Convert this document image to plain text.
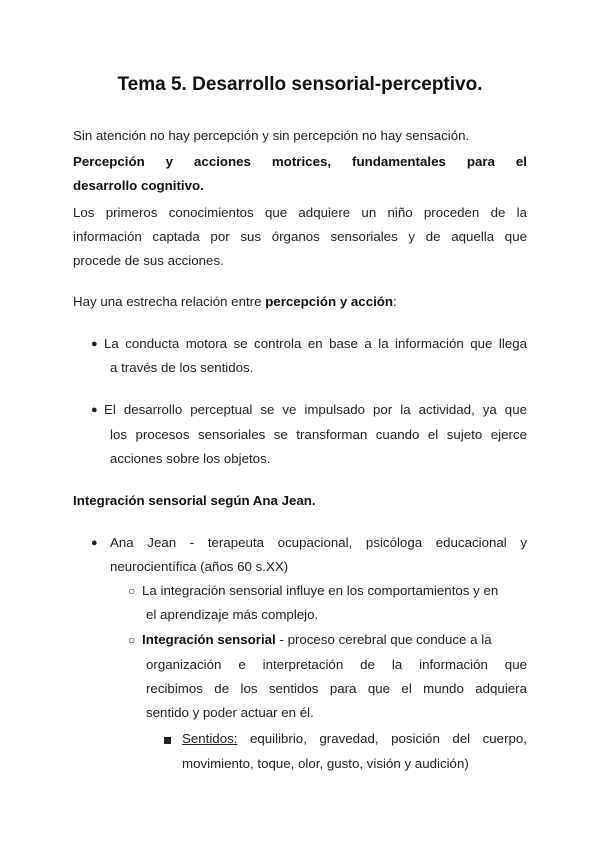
Tema 5. Desarrollo sensorial-perceptivo.
Sin atención no hay percepción y sin percepción no hay sensación.
Percepción y acciones motrices, fundamentales para el
desarrollo cognitivo.
Los primeros conocimientos que adquiere un niño proceden de la
información captada por sus órganos sensoriales y de aquella que
procede de sus acciones.
Hay una estrecha relación entre percepción y acción:
● La conducta motora se controla en base a la información que llega
a través de los sentidos.
● El desarrollo perceptual se ve impulsado por la actividad, ya que
los procesos sensoriales se transforman cuando el sujeto ejerce
acciones sobre los objetos.
Integración sensorial según Ana Jean.
● Ana Jean - terapeuta ocupacional, psicóloga educacional y
neurocientífica (años 60 s.XX)
○ La integración sensorial influye en los comportamientos y en
el aprendizaje más complejo.
○ Integración sensorial - proceso cerebral que conduce a la
organización e interpretación de la información que
recibimos de los sentidos para que el mundo adquiera
sentido y poder actuar en él.
Sentidos: equilibrio, gravedad, posición del cuerpo,
movimiento, toque, olor, gusto, visión y audición)
